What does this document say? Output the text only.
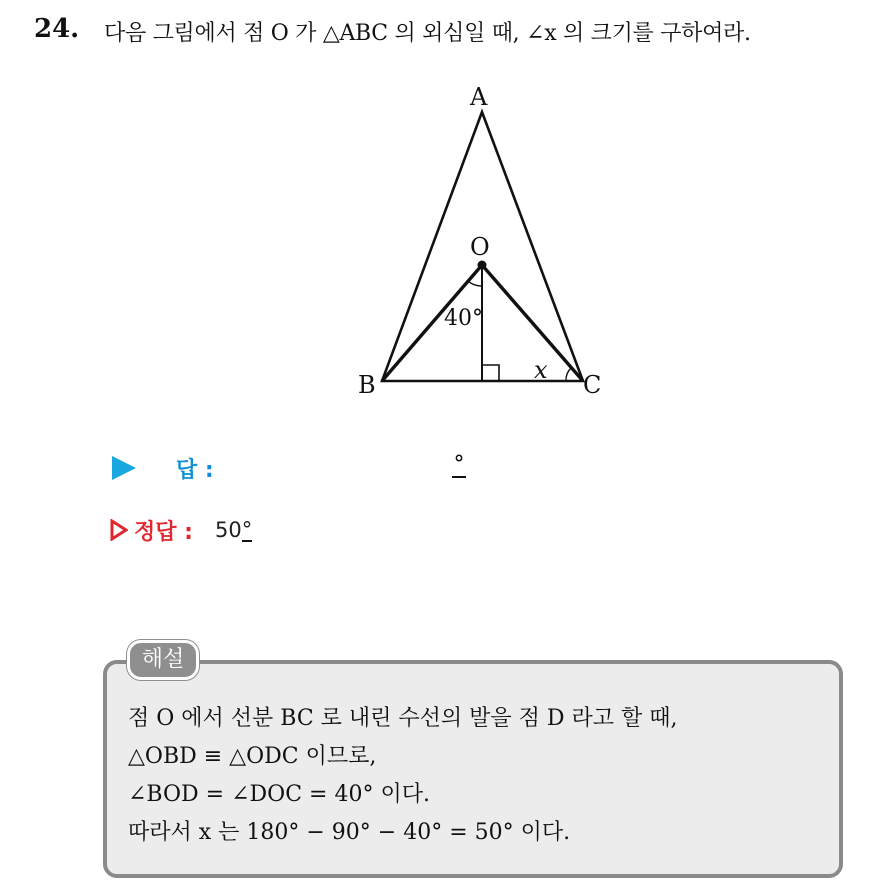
24. 다음 그림에서 점 O 가 △ABC 의 외심일 때, ∠x 의 크기를 구하여라.
A
O
B	C
40°
x
답 :	°
정답 : 50°
해설
점 O 에서 선분 BC 로 내린 수선의 발을 점 D 라고 할 때,
△OBD ≡ △ODC 이므로,
∠BOD = ∠DOC = 40° 이다.
따라서 x 는 180° − 90° − 40° = 50° 이다.
